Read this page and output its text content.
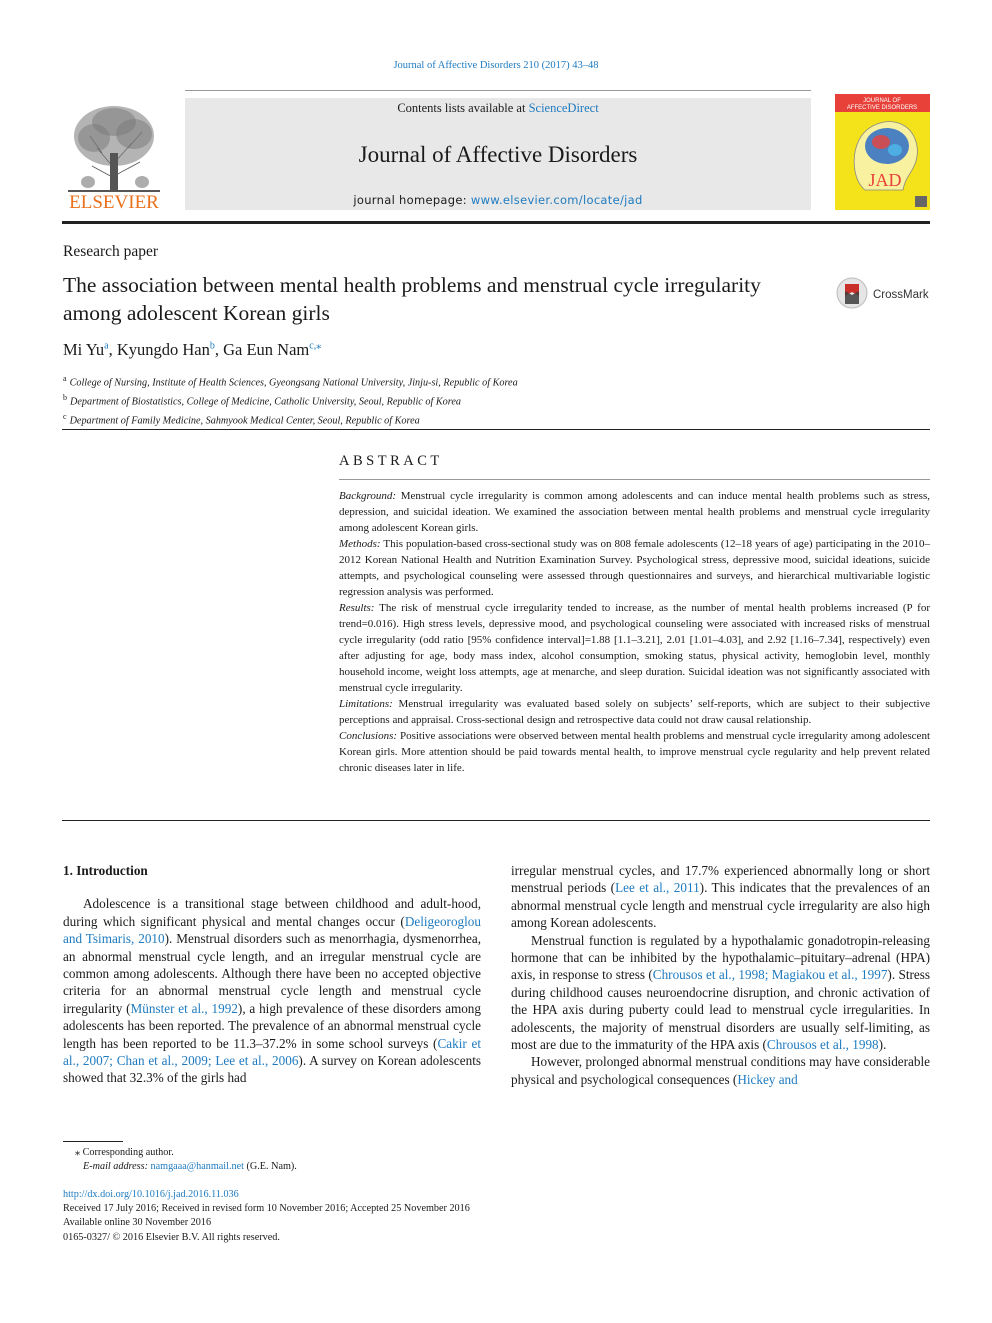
Journal of Affective Disorders 210 (2017) 43–48
ELSEVIER
Contents lists available at ScienceDirect
Journal of Affective Disorders
journal homepage: www.elsevier.com/locate/jad
JOURNAL OF
AFFECTIVE DISORDERS
JAD
Research paper
The association between mental health problems and menstrual cycle irregularity among adolescent Korean girls
CrossMark
Mi Yu$^a$, Kyungdo Han$^b$, Ga Eun Nam$^{c,⁎}$
$^a$ College of Nursing, Institute of Health Sciences, Gyeongsang National University, Jinju-si, Republic of Korea
$^b$ Department of Biostatistics, College of Medicine, Catholic University, Seoul, Republic of Korea
$^c$ Department of Family Medicine, Sahmyook Medical Center, Seoul, Republic of Korea
ABSTRACT

Background: Menstrual cycle irregularity is common among adolescents and can induce mental health problems such as stress, depression, and suicidal ideation. We examined the association between mental health problems and menstrual cycle irregularity among adolescent Korean girls.

Methods: This population-based cross-sectional study was on 808 female adolescents (12–18 years of age) participating in the 2010–2012 Korean National Health and Nutrition Examination Survey. Psychological stress, depressive mood, suicidal ideations, suicide attempts, and psychological counseling were assessed through questionnaires and surveys, and hierarchical multivariable logistic regression analysis was performed.

Results: The risk of menstrual cycle irregularity tended to increase, as the number of mental health problems increased (P for trend=0.016). High stress levels, depressive mood, and psychological counseling were associated with increased risks of menstrual cycle irregularity (odd ratio [95% confidence interval]=1.88 [1.1–3.21], 2.01 [1.01–4.03], and 2.92 [1.16–7.34], respectively) even after adjusting for age, body mass index, alcohol consumption, smoking status, physical activity, hemoglobin level, monthly household income, weight loss attempts, age at menarche, and sleep duration. Suicidal ideation was not significantly associated with menstrual cycle irregularity.

Limitations: Menstrual irregularity was evaluated based solely on subjects’ self-reports, which are subject to their subjective perceptions and appraisal. Cross-sectional design and retrospective data could not draw causal relationship.

Conclusions: Positive associations were observed between mental health problems and menstrual cycle irregularity among adolescent Korean girls. More attention should be paid towards mental health, to improve menstrual cycle regularity and help prevent related chronic diseases later in life.

1. Introduction

Adolescence is a transitional stage between childhood and adult-hood, during which significant physical and mental changes occur (Deligeoroglou and Tsimaris, 2010). Menstrual disorders such as menorrhagia, dysmenorrhea, an abnormal menstrual cycle length, and an irregular menstrual cycle are common among adolescents. Although there have been no accepted objective criteria for an abnormal menstrual cycle length and menstrual cycle irregularity (Münster et al., 1992), a high prevalence of these disorders among adolescents has been reported. The prevalence of an abnormal menstrual cycle length has been reported to be 11.3–37.2% in some school surveys (Cakir et al., 2007; Chan et al., 2009; Lee et al., 2006). A survey on Korean adolescents showed that 32.3% of the girls had

irregular menstrual cycles, and 17.7% experienced abnormally long or short menstrual periods (Lee et al., 2011). This indicates that the prevalences of an abnormal menstrual cycle length and menstrual cycle irregularity are also high among Korean adolescents.

Menstrual function is regulated by a hypothalamic gonadotropin-releasing hormone that can be inhibited by the hypothalamic–pituitary–adrenal (HPA) axis, in response to stress (Chrousos et al., 1998; Magiakou et al., 1997). Stress during childhood causes neuroendocrine disruption, and chronic activation of the HPA axis during puberty could lead to menstrual cycle irregularities. In adolescents, the majority of menstrual disorders are usually self-limiting, as most are due to the immaturity of the HPA axis (Chrousos et al., 1998).

However, prolonged abnormal menstrual conditions may have considerable physical and psychological consequences (Hickey and

⁎ Corresponding author.

E-mail address: namgaaa@hanmail.net (G.E. Nam).

http://dx.doi.org/10.1016/j.jad.2016.11.036

Received 17 July 2016; Received in revised form 10 November 2016; Accepted 25 November 2016

Available online 30 November 2016

0165-0327/ © 2016 Elsevier B.V. All rights reserved.
